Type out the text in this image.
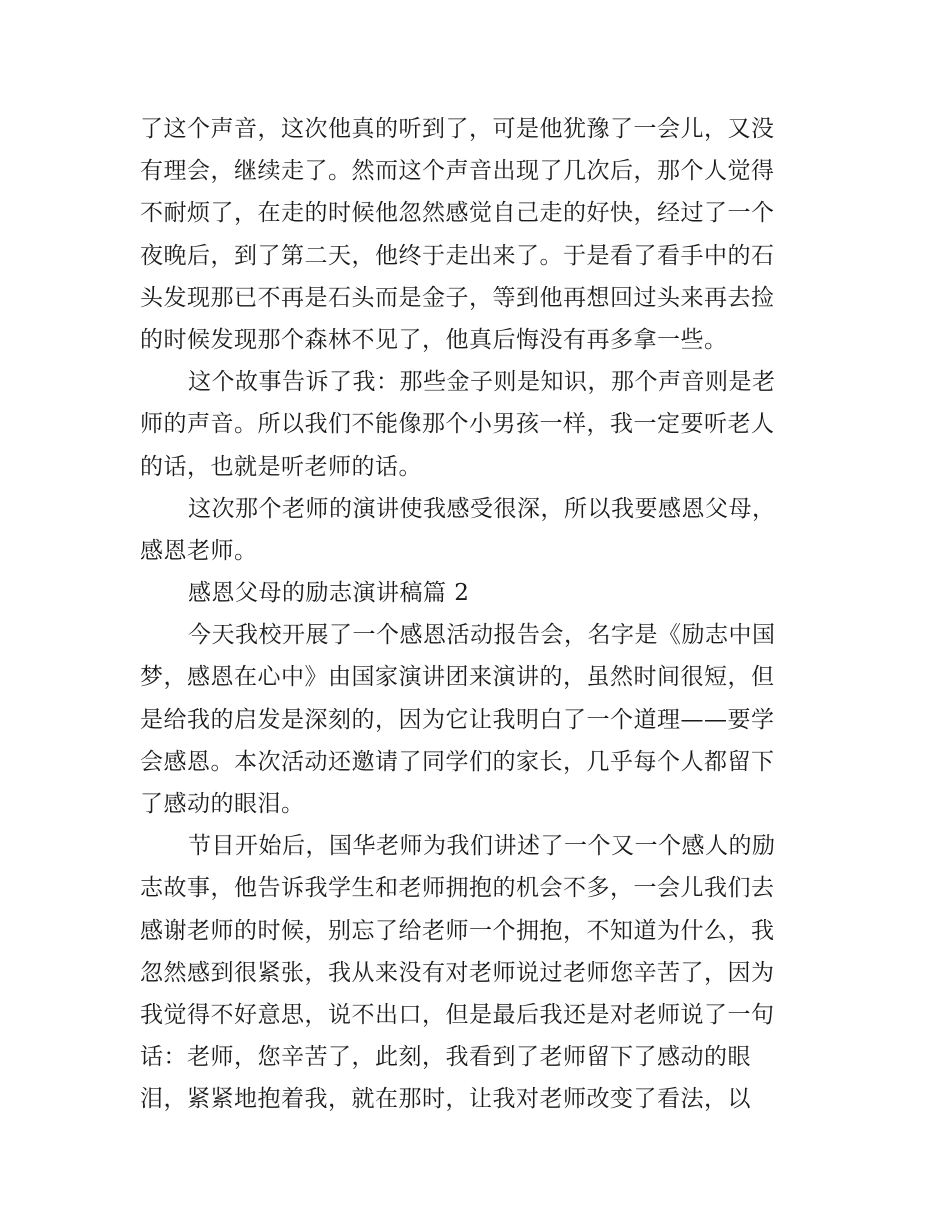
了这个声音，这次他真的听到了，可是他犹豫了一会儿，又没
有理会，继续走了。然而这个声音出现了几次后，那个人觉得
不耐烦了，在走的时候他忽然感觉自己走的好快，经过了一个
夜晚后，到了第二天，他终于走出来了。于是看了看手中的石
头发现那已不再是石头而是金子，等到他再想回过头来再去捡
的时候发现那个森林不见了，他真后悔没有再多拿一些。
这个故事告诉了我：那些金子则是知识，那个声音则是老
师的声音。所以我们不能像那个小男孩一样，我一定要听老人
的话，也就是听老师的话。
这次那个老师的演讲使我感受很深，所以我要感恩父母，
感恩老师。
感恩父母的励志演讲稿篇 2
今天我校开展了一个感恩活动报告会，名字是《励志中国
梦，感恩在心中》由国家演讲团来演讲的，虽然时间很短，但
是给我的启发是深刻的，因为它让我明白了一个道理——要学
会感恩。本次活动还邀请了同学们的家长，几乎每个人都留下
了感动的眼泪。
节目开始后，国华老师为我们讲述了一个又一个感人的励
志故事，他告诉我学生和老师拥抱的机会不多，一会儿我们去
感谢老师的时候，别忘了给老师一个拥抱，不知道为什么，我
忽然感到很紧张，我从来没有对老师说过老师您辛苦了，因为
我觉得不好意思，说不出口，但是最后我还是对老师说了一句
话：老师，您辛苦了，此刻，我看到了老师留下了感动的眼
泪，紧紧地抱着我，就在那时，让我对老师改变了看法，以
